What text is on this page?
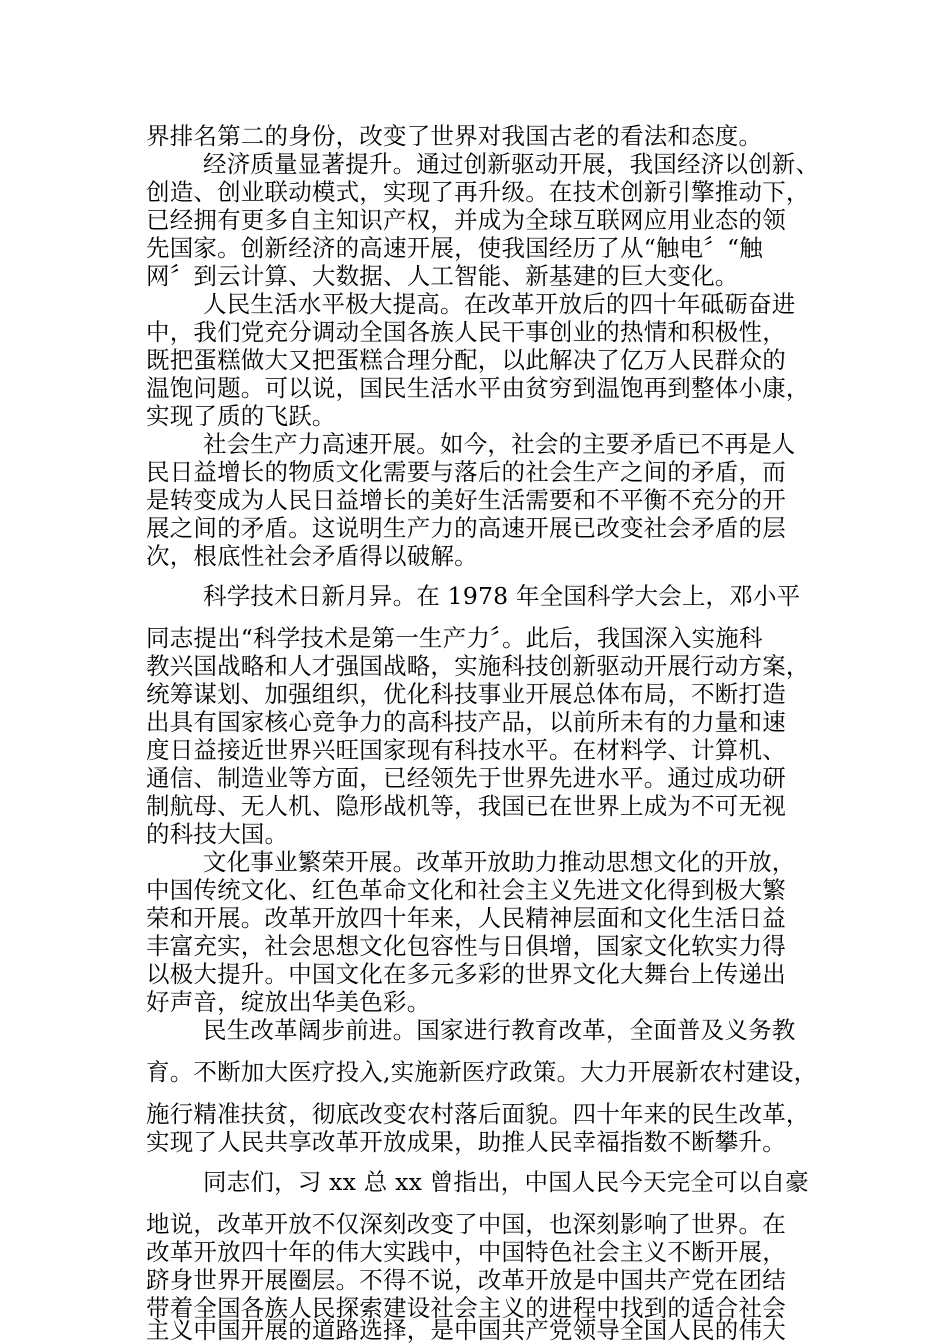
界排名第二的身份，改变了世界对我国古老的看法和态度。
经济质量显著提升。通过创新驱动开展，我国经济以创新、
创造、创业联动模式，实现了再升级。在技术创新引擎推动下，
已经拥有更多自主知识产权，并成为全球互联网应用业态的领
先国家。创新经济的高速开展，使我国经历了从“触电〞“触
网〞到云计算、大数据、人工智能、新基建的巨大变化。
人民生活水平极大提高。在改革开放后的四十年砥砺奋进
中，我们党充分调动全国各族人民干事创业的热情和积极性，
既把蛋糕做大又把蛋糕合理分配，以此解决了亿万人民群众的
温饱问题。可以说，国民生活水平由贫穷到温饱再到整体小康，
实现了质的飞跃。
社会生产力高速开展。如今，社会的主要矛盾已不再是人
民日益增长的物质文化需要与落后的社会生产之间的矛盾，而
是转变成为人民日益增长的美好生活需要和不平衡不充分的开
展之间的矛盾。这说明生产力的高速开展已改变社会矛盾的层
次，根底性社会矛盾得以破解。
科学技术日新月异。在 1978 年全国科学大会上，邓小平
同志提出“科学技术是第一生产力〞。此后，我国深入实施科
教兴国战略和人才强国战略，实施科技创新驱动开展行动方案，
统筹谋划、加强组织，优化科技事业开展总体布局，不断打造
出具有国家核心竞争力的高科技产品，以前所未有的力量和速
度日益接近世界兴旺国家现有科技水平。在材料学、计算机、
通信、制造业等方面，已经领先于世界先进水平。通过成功研
制航母、无人机、隐形战机等，我国已在世界上成为不可无视
的科技大国。
文化事业繁荣开展。改革开放助力推动思想文化的开放，
中国传统文化、红色革命文化和社会主义先进文化得到极大繁
荣和开展。改革开放四十年来，人民精神层面和文化生活日益
丰富充实，社会思想文化包容性与日俱增，国家文化软实力得
以极大提升。中国文化在多元多彩的世界文化大舞台上传递出
好声音，绽放出华美色彩。
民生改革阔步前进。国家进行教育改革，全面普及义务教
育。不断加大医疗投入,实施新医疗政策。大力开展新农村建设，
施行精准扶贫，彻底改变农村落后面貌。四十年来的民生改革，
实现了人民共享改革开放成果，助推人民幸福指数不断攀升。
同志们，习 xx 总 xx 曾指出，中国人民今天完全可以自豪
地说，改革开放不仅深刻改变了中国，也深刻影响了世界。在
改革开放四十年的伟大实践中，中国特色社会主义不断开展，
跻身世界开展圈层。不得不说，改革开放是中国共产党在团结
带着全国各族人民探索建设社会主义的进程中找到的适合社会
主义中国开展的道路选择，是中国共产党领导全国人民的伟大
